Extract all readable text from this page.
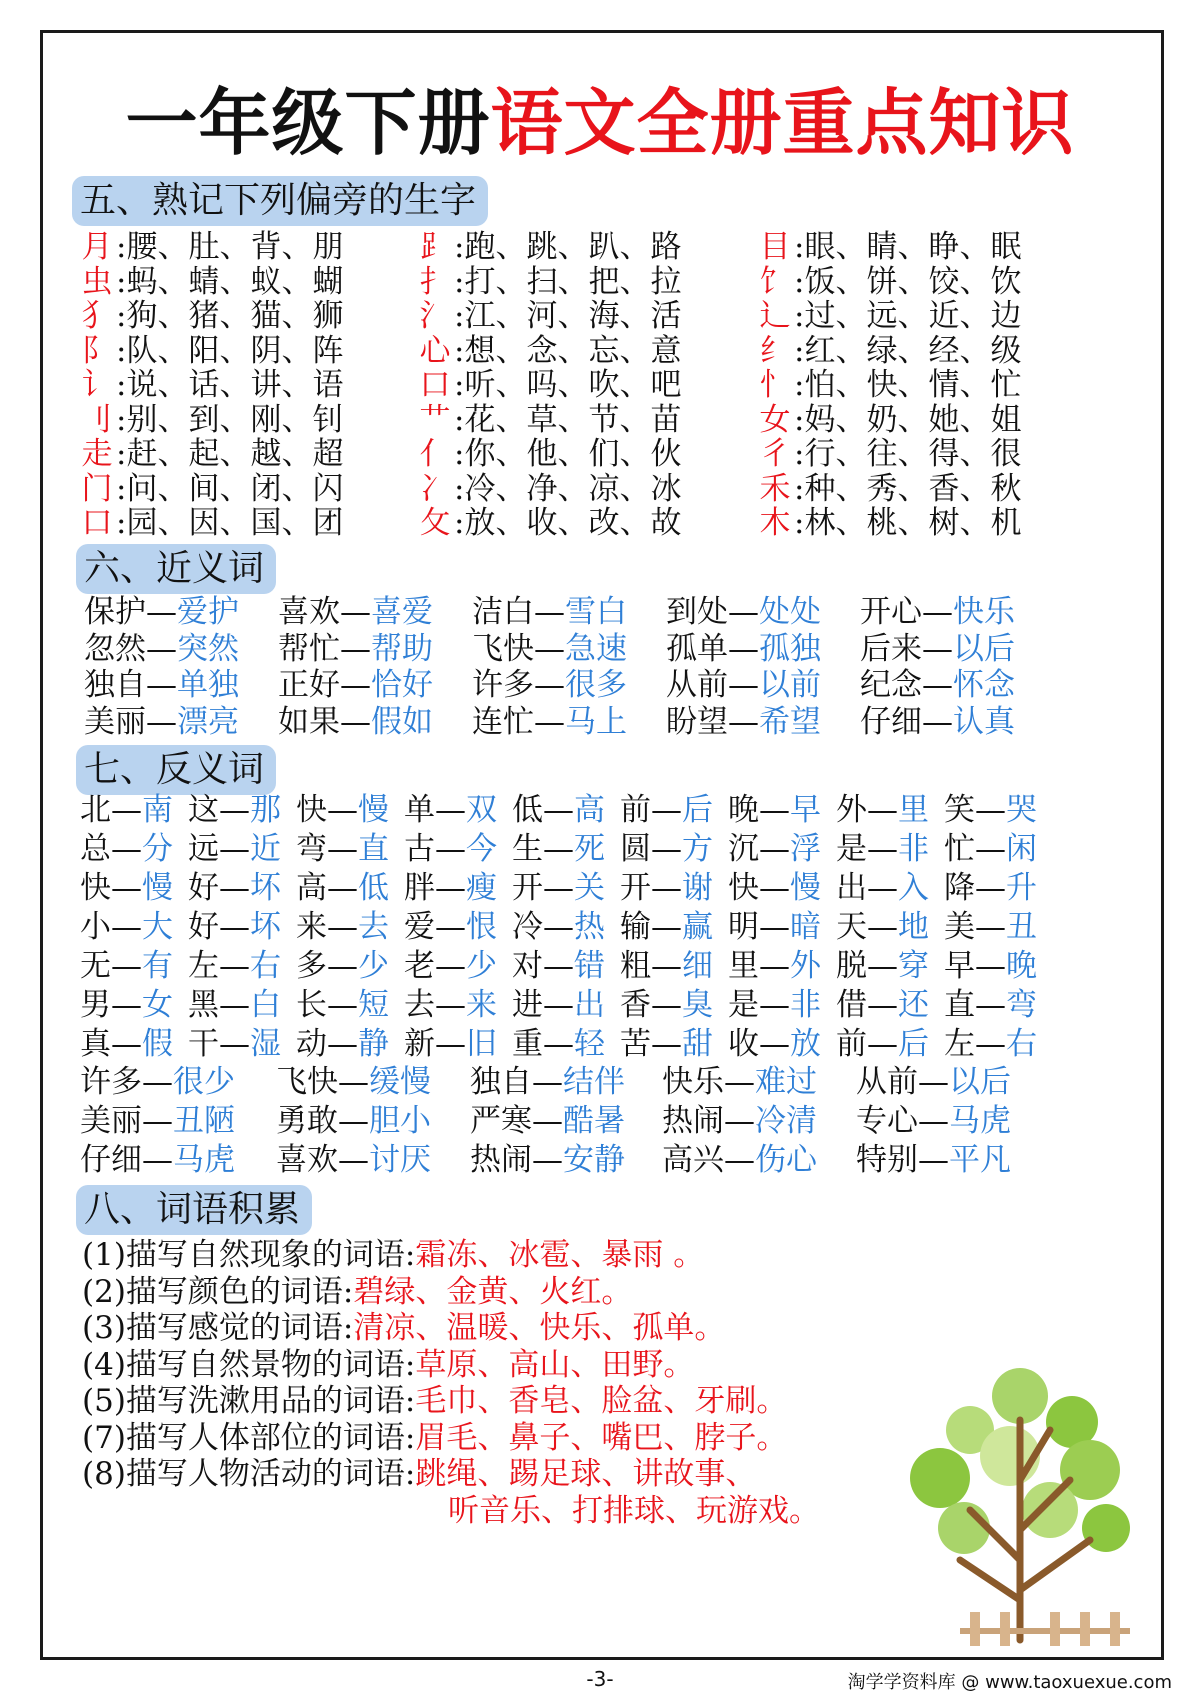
一年级下册语文全册重点知识
五、熟记下列偏旁的生字
月 :腰、肚、背、朋
虫 :蚂、蜻、蚁、蝴
犭 :狗、猪、猫、狮
阝 :队、阳、阴、阵
讠 :说、话、讲、语
刂 :别、到、刚、钊
走 :赶、起、越、超
门 :问、间、闭、闪
口 :园、因、国、团
⻊ :跑、跳、趴、路
扌 :打、扫、把、拉
氵 :江、河、海、活
心 :想、念、忘、意
口 :听、吗、吹、吧
艹 :花、草、节、苗
亻 :你、他、们、伙
冫 :冷、净、凉、冰
攵 :放、收、改、故
目 :眼、睛、睁、眠
饣 :饭、饼、饺、饮
辶 :过、远、近、边
纟 :红、绿、经、级
忄 :怕、快、情、忙
女 :妈、奶、她、姐
彳 :行、往、得、很
禾 :种、秀、香、秋
木 :林、桃、树、机
六、近义词
保护—爱护 喜欢—喜爱 洁白—雪白 到处—处处 开心—快乐
忽然—突然 帮忙—帮助 飞快—急速 孤单—孤独 后来—以后
独自—单独 正好—恰好 许多—很多 从前—以前 纪念—怀念
美丽—漂亮 如果—假如 连忙—马上 盼望—希望 仔细—认真
七、反义词
北—南 这—那 快—慢 单—双 低—高 前—后 晚—早 外—里 笑—哭
总—分 远—近 弯—直 古—今 生—死 圆—方 沉—浮 是—非 忙—闲
快—慢 好—坏 高—低 胖—瘦 开—关 开—谢 快—慢 出—入 降—升
小—大 好—坏 来—去 爱—恨 冷—热 输—赢 明—暗 天—地 美—丑
无—有 左—右 多—少 老—少 对—错 粗—细 里—外 脱—穿 早—晚
男—女 黑—白 长—短 去—来 进—出 香—臭 是—非 借—还 直—弯
真—假 干—湿 动—静 新—旧 重—轻 苦—甜 收—放 前—后 左—右
许多—很少 飞快—缓慢 独自—结伴 快乐—难过 从前—以后
美丽—丑陋 勇敢—胆小 严寒—酷暑 热闹—冷清 专心—马虎
仔细—马虎 喜欢—讨厌 热闹—安静 高兴—伤心 特别—平凡
八、词语积累
(1)描写自然现象的词语:霜冻、冰雹、暴雨 。
(2)描写颜色的词语:碧绿、金黄、火红。
(3)描写感觉的词语:清凉、温暖、快乐、孤单。
(4)描写自然景物的词语:草原、高山、田野。
(5)描写洗漱用品的词语:毛巾、香皂、脸盆、牙刷。
(7)描写人体部位的词语:眉毛、鼻子、嘴巴、脖子。
(8)描写人物活动的词语:跳绳、踢足球、讲故事、
听音乐、打排球、玩游戏。
-3-	淘学学资料库 @ www.taoxuexue.com
